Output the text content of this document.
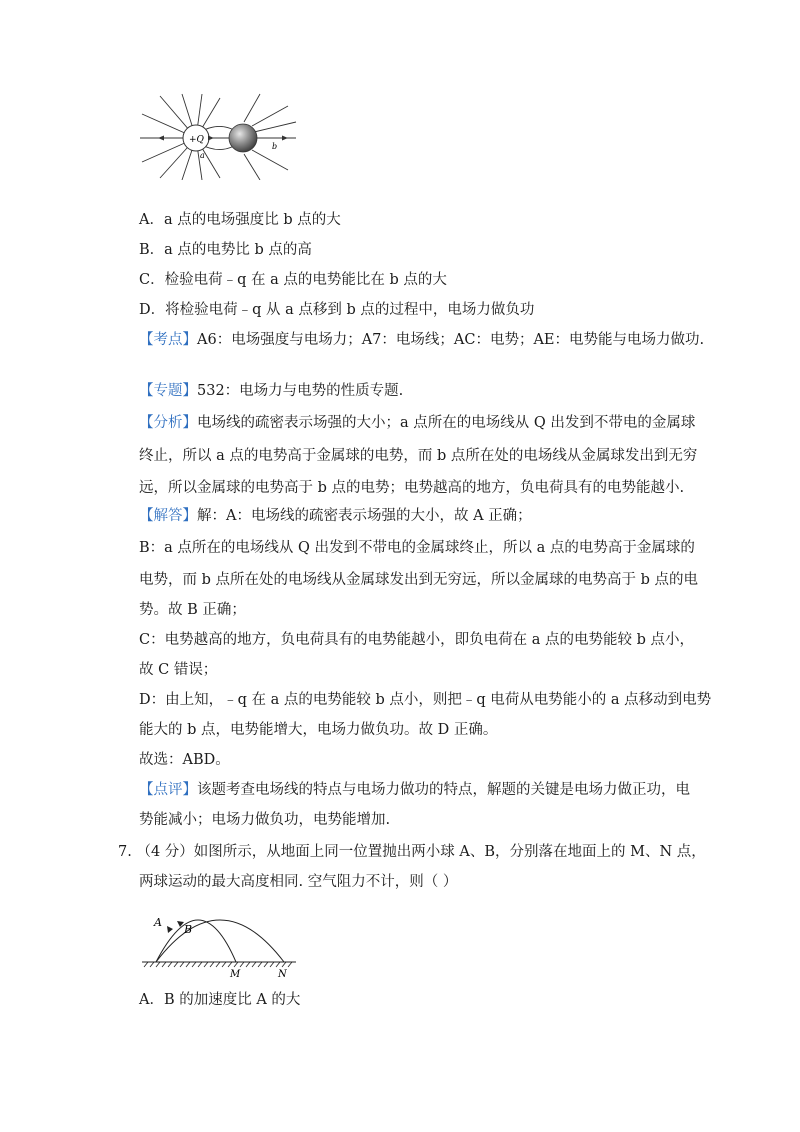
+Q
a
b
A．a 点的电场强度比 b 点的大
B．a 点的电势比 b 点的高
C．检验电荷﹣q 在 a 点的电势能比在 b 点的大
D．将检验电荷﹣q 从 a 点移到 b 点的过程中，电场力做负功
【考点】A6：电场强度与电场力；A7：电场线；AC：电势；AE：电势能与电场力做功.
【专题】532：电场力与电势的性质专题.
【分析】电场线的疏密表示场强的大小；a 点所在的电场线从 Q 出发到不带电的金属球
终止，所以 a 点的电势高于金属球的电势，而 b 点所在处的电场线从金属球发出到无穷
远，所以金属球的电势高于 b 点的电势；电势越高的地方，负电荷具有的电势能越小.
【解答】解：A：电场线的疏密表示场强的大小，故 A 正确；
B：a 点所在的电场线从 Q 出发到不带电的金属球终止，所以 a 点的电势高于金属球的
电势，而 b 点所在处的电场线从金属球发出到无穷远，所以金属球的电势高于 b 点的电
势。故 B 正确；
C：电势越高的地方，负电荷具有的电势能越小，即负电荷在 a 点的电势能较 b 点小，
故 C 错误；
D：由上知，﹣q 在 a 点的电势能较 b 点小，则把﹣q 电荷从电势能小的 a 点移动到电势
能大的 b 点，电势能增大，电场力做负功。故 D 正确。
故选：ABD。
【点评】该题考查电场线的特点与电场力做功的特点，解题的关键是电场力做正功，电
势能减小；电场力做负功，电势能增加.
7. （4 分）如图所示，从地面上同一位置抛出两小球 A、B，分别落在地面上的 M、N 点，
两球运动的最大高度相同. 空气阻力不计，则（ ）
A
B
M	N
A．B 的加速度比 A 的大
